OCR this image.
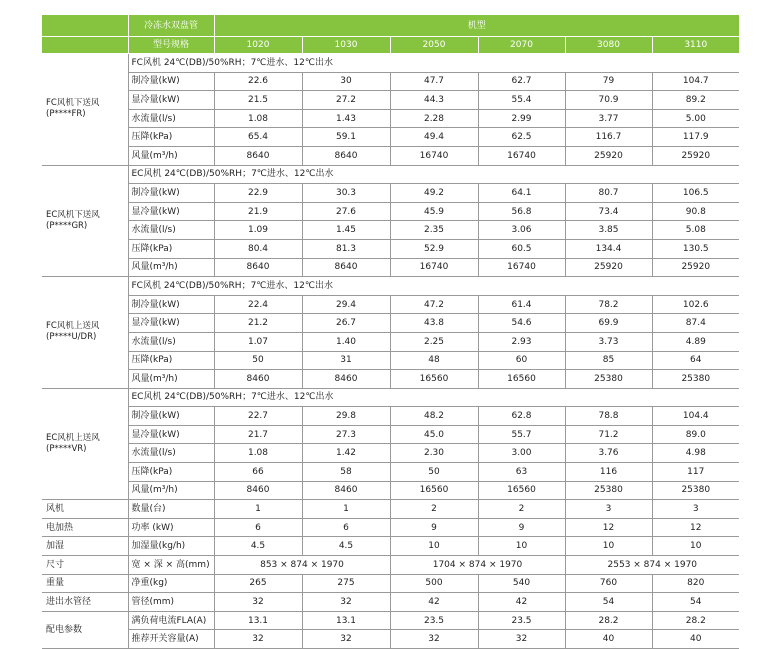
	冷冻水双盘管	机型					
	型号规格	1020	1030	2050	2070	3080	3110

FC风机下送风
(P****FR)	FC风机 24℃(DB)/50%RH；7℃进水、12℃出水						
	制冷量(kW)	22.6	30	47.7	62.7	79	104.7
	显冷量(kW)	21.5	27.2	44.3	55.4	70.9	89.2
	水流量(l/s)	1.08	1.43	2.28	2.99	3.77	5.00
	压降(kPa)	65.4	59.1	49.4	62.5	116.7	117.9
	风量(m³/h)	8640	8640	16740	16740	25920	25920

EC风机下送风
(P****GR)	EC风机 24℃(DB)/50%RH；7℃进水、12℃出水						
	制冷量(kW)	22.9	30.3	49.2	64.1	80.7	106.5
	显冷量(kW)	21.9	27.6	45.9	56.8	73.4	90.8
	水流量(l/s)	1.09	1.45	2.35	3.06	3.85	5.08
	压降(kPa)	80.4	81.3	52.9	60.5	134.4	130.5
	风量(m³/h)	8640	8640	16740	16740	25920	25920

FC风机上送风
(P****U/DR)	FC风机 24℃(DB)/50%RH；7℃进水、12℃出水						
	制冷量(kW)	22.4	29.4	47.2	61.4	78.2	102.6
	显冷量(kW)	21.2	26.7	43.8	54.6	69.9	87.4
	水流量(l/s)	1.07	1.40	2.25	2.93	3.73	4.89
	压降(kPa)	50	31	48	60	85	64
	风量(m³/h)	8460	8460	16560	16560	25380	25380

EC风机上送风
(P****VR)	EC风机 24℃(DB)/50%RH；7℃进水、12℃出水						
	制冷量(kW)	22.7	29.8	48.2	62.8	78.8	104.4
	显冷量(kW)	21.7	27.3	45.0	55.7	71.2	89.0
	水流量(l/s)	1.08	1.42	2.30	3.00	3.76	4.98
	压降(kPa)	66	58	50	63	116	117
	风量(m³/h)	8460	8460	16560	16560	25380	25380
风机	数量(台)	1	1	2	2	3	3
电加热	功率 (kW)	6	6	9	9	12	12
加湿	加湿量(kg/h)	4.5	4.5	10	10	10	10
尺寸	宽 × 深 × 高(mm)	853 × 874 × 1970		1704 × 874 × 1970		2553 × 874 × 1970	
重量	净重(kg)	265	275	500	540	760	820
进出水管径	管径(mm)	32	32	42	42	54	54
配电参数	满负荷电流FLA(A)	13.1	13.1	23.5	23.5	28.2	28.2
	推荐开关容量(A)	32	32	32	32	40	40
